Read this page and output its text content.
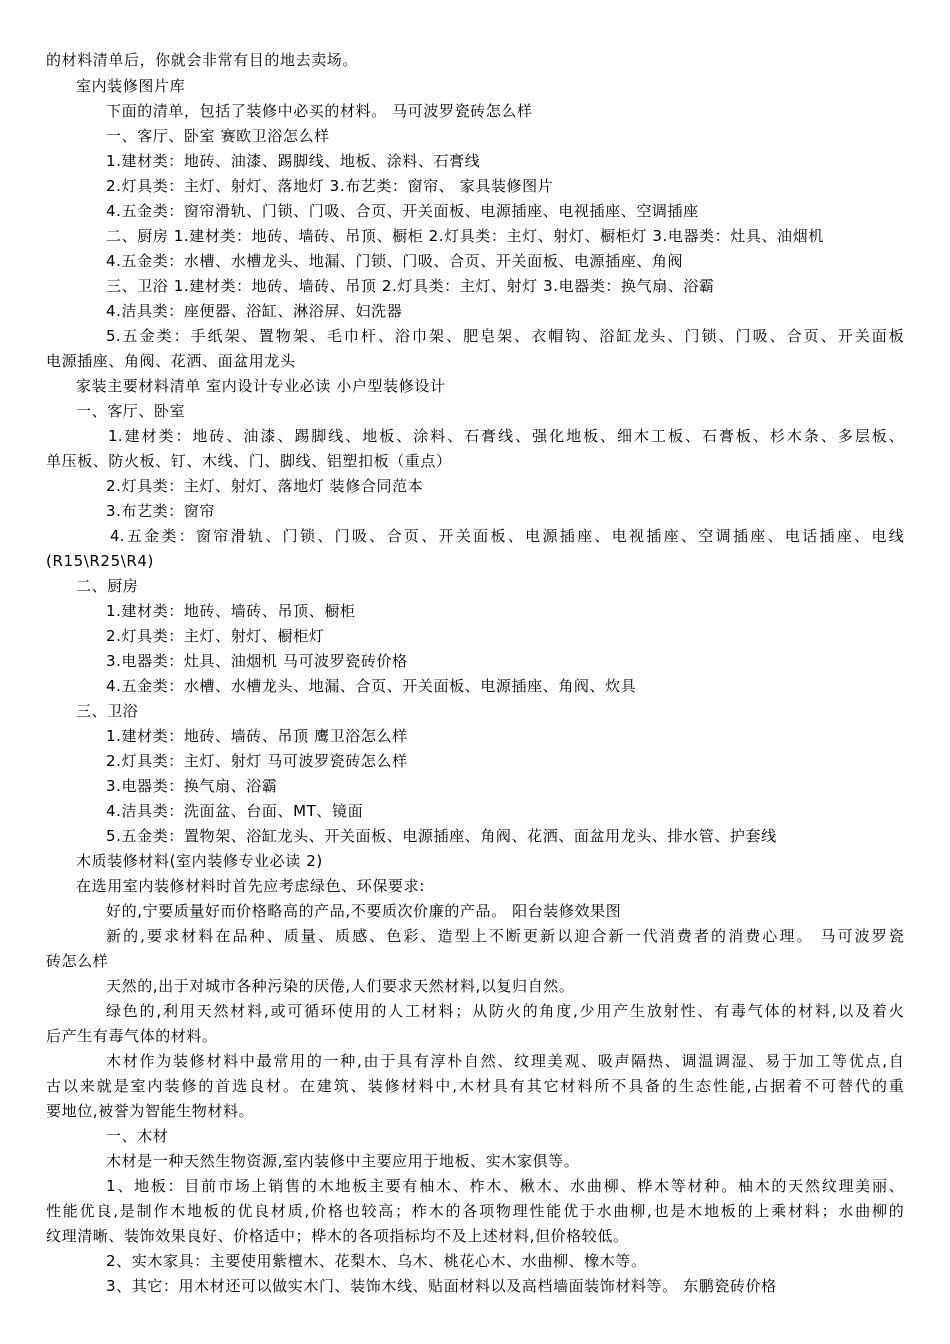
的材料清单后，你就会非常有目的地去卖场。
室内装修图片库
下面的清单，包括了装修中必买的材料。 马可波罗瓷砖怎么样
一、客厅、卧室 赛欧卫浴怎么样
1.建材类：地砖、油漆、踢脚线、地板、涂料、石膏线
2.灯具类：主灯、射灯、落地灯 3.布艺类：窗帘、 家具装修图片
4.五金类：窗帘滑轨、门锁、门吸、合页、开关面板、电源插座、电视插座、空调插座
二、厨房 1.建材类：地砖、墙砖、吊顶、橱柜 2.灯具类：主灯、射灯、橱柜灯 3.电器类：灶具、油烟机
4.五金类：水槽、水槽龙头、地漏、门锁、门吸、合页、开关面板、电源插座、角阀
三、卫浴 1.建材类：地砖、墙砖、吊顶 2.灯具类：主灯、射灯 3.电器类：换气扇、浴霸
4.洁具类：座便器、浴缸、淋浴屏、妇洗器
5.五金类：手纸架、置物架、毛巾杆、浴巾架、肥皂架、衣帽钩、浴缸龙头、门锁、门吸、合页、开关面板
电源插座、角阀、花洒、面盆用龙头
家装主要材料清单 室内设计专业必读 小户型装修设计
一、客厅、卧室
1.建材类：地砖、油漆、踢脚线、地板、涂料、石膏线、强化地板、细木工板、石膏板、杉木条、多层板、
单压板、防火板、钉、木线、门、脚线、铝塑扣板（重点）
2.灯具类：主灯、射灯、落地灯 装修合同范本
3.布艺类：窗帘
4.五金类：窗帘滑轨、门锁、门吸、合页、开关面板、电源插座、电视插座、空调插座、电话插座、电线
(R15\R25\R4)
二、厨房
1.建材类：地砖、墙砖、吊顶、橱柜
2.灯具类：主灯、射灯、橱柜灯
3.电器类：灶具、油烟机 马可波罗瓷砖价格
4.五金类：水槽、水槽龙头、地漏、合页、开关面板、电源插座、角阀、炊具
三、卫浴
1.建材类：地砖、墙砖、吊顶 鹰卫浴怎么样
2.灯具类：主灯、射灯 马可波罗瓷砖怎么样
3.电器类：换气扇、浴霸
4.洁具类：洗面盆、台面、MT、镜面
5.五金类：置物架、浴缸龙头、开关面板、电源插座、角阀、花洒、面盆用龙头、排水管、护套线
木质装修材料(室内装修专业必读 2)
在选用室内装修材料时首先应考虑绿色、环保要求:
好的,宁要质量好而价格略高的产品,不要质次价廉的产品。 阳台装修效果图
新的,要求材料在品种、质量、质感、色彩、造型上不断更新以迎合新一代消费者的消费心理。 马可波罗瓷
砖怎么样
天然的,出于对城市各种污染的厌倦,人们要求天然材料,以复归自然。
绿色的,利用天然材料,或可循环使用的人工材料；从防火的角度,少用产生放射性、有毒气体的材料,以及着火
后产生有毒气体的材料。
木材作为装修材料中最常用的一种,由于具有淳朴自然、纹理美观、吸声隔热、调温调湿、易于加工等优点,自
古以来就是室内装修的首选良材。在建筑、装修材料中,木材具有其它材料所不具备的生态性能,占据着不可替代的重
要地位,被誉为智能生物材料。
一、木材
木材是一种天然生物资源,室内装修中主要应用于地板、实木家俱等。
1、地板：目前市场上销售的木地板主要有柚木、柞木、楸木、水曲柳、桦木等材种。柚木的天然纹理美丽、
性能优良,是制作木地板的优良材质,价格也较高；柞木的各项物理性能优于水曲柳,也是木地板的上乘材料；水曲柳的
纹理清晰、装饰效果良好、价格适中；桦木的各项指标均不及上述材料,但价格较低。
2、实木家具：主要使用紫檀木、花梨木、乌木、桃花心木、水曲柳、橡木等。
3、其它：用木材还可以做实木门、装饰木线、贴面材料以及高档墙面装饰材料等。 东鹏瓷砖价格
